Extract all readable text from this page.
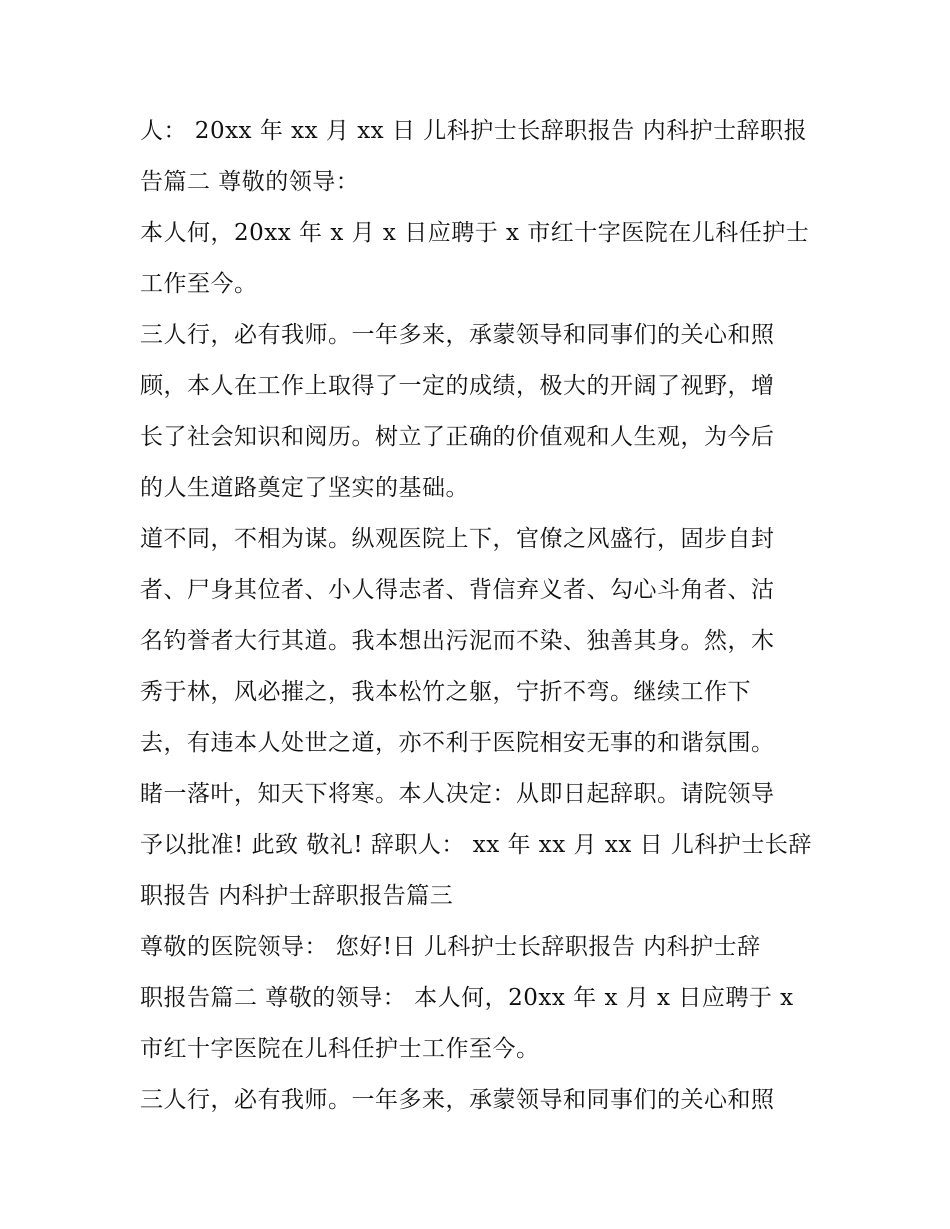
人： 20xx 年 xx 月 xx 日 儿科护士长辞职报告 内科护士辞职报
告篇二 尊敬的领导：
本人何，20xx 年 x 月 x 日应聘于 x 市红十字医院在儿科任护士
工作至今。
三人行，必有我师。一年多来，承蒙领导和同事们的关心和照
顾，本人在工作上取得了一定的成绩，极大的开阔了视野，增
长了社会知识和阅历。树立了正确的价值观和人生观，为今后
的人生道路奠定了坚实的基础。
道不同，不相为谋。纵观医院上下，官僚之风盛行，固步自封
者、尸身其位者、小人得志者、背信弃义者、勾心斗角者、沽
名钓誉者大行其道。我本想出污泥而不染、独善其身。然，木
秀于林，风必摧之，我本松竹之躯，宁折不弯。继续工作下
去，有违本人处世之道，亦不利于医院相安无事的和谐氛围。
睹一落叶，知天下将寒。本人决定：从即日起辞职。请院领导
予以批准! 此致 敬礼! 辞职人： xx 年 xx 月 xx 日 儿科护士长辞
职报告 内科护士辞职报告篇三
尊敬的医院领导： 您好!日 儿科护士长辞职报告 内科护士辞
职报告篇二 尊敬的领导： 本人何，20xx 年 x 月 x 日应聘于 x
市红十字医院在儿科任护士工作至今。
三人行，必有我师。一年多来，承蒙领导和同事们的关心和照
